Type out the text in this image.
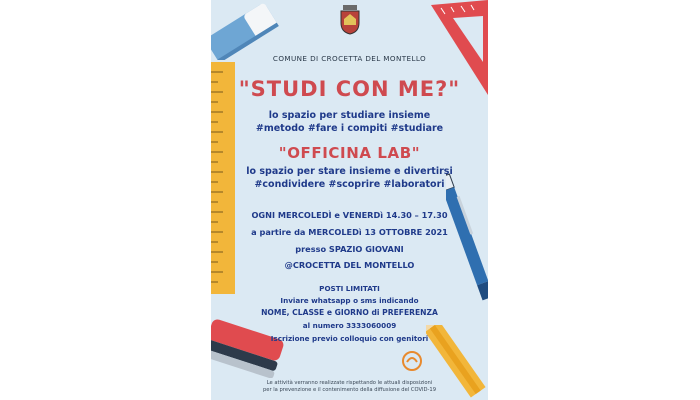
COMUNE DI CROCETTA DEL MONTELLO
"STUDI CON ME?"
lo spazio per studiare insieme
#metodo #fare i compiti #studiare
"OFFICINA LAB"
lo spazio per stare insieme e divertirsi
#condividere #scoprire #laboratori
OGNI MERCOLEDÌ e VENERDì 14.30 – 17.30
a partire da MERCOLEDì 13 OTTOBRE 2021
presso SPAZIO GIOVANI
@CROCETTA DEL MONTELLO
POSTI LIMITATI
Inviare whatsapp o sms indicando
NOME, CLASSE e GIORNO di PREFERENZA
al numero 3333060009
Iscrizione previo colloquio con genitori
Le attività verranno realizzate rispettando le attuali disposizioni
per la prevenzione e il contenimento della diffusione del COVID-19
